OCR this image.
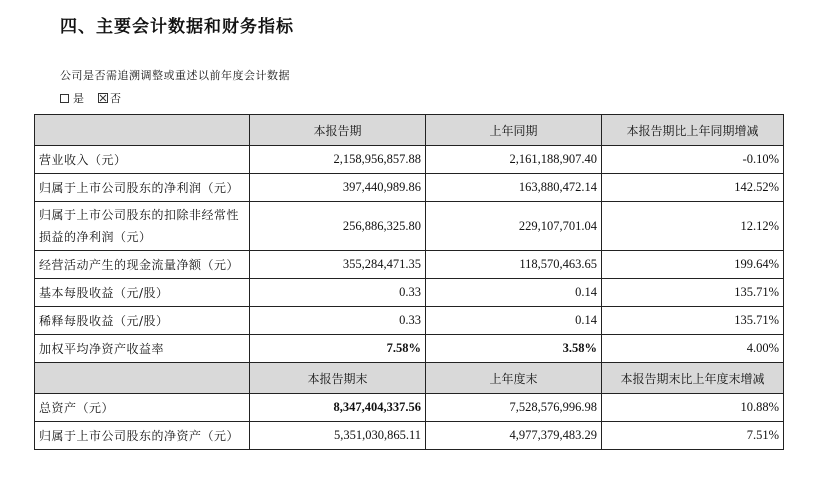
四、主要会计数据和财务指标
公司是否需追溯调整或重述以前年度会计数据
是 否
	本报告期	上年同期	本报告期比上年同期增减
营业收入（元）	2,158,956,857.88	2,161,188,907.40	-0.10%
归属于上市公司股东的净利润（元）	397,440,989.86	163,880,472.14	142.52%
归属于上市公司股东的扣除非经常性损益的净利润（元）	256,886,325.80	229,107,701.04	12.12%
经营活动产生的现金流量净额（元）	355,284,471.35	118,570,463.65	199.64%
基本每股收益（元/股）	0.33	0.14	135.71%
稀释每股收益（元/股）	0.33	0.14	135.71%
加权平均净资产收益率	7.58%	3.58%	4.00%
	本报告期末	上年度末	本报告期末比上年度末增减
总资产（元）	8,347,404,337.56	7,528,576,996.98	10.88%
归属于上市公司股东的净资产（元）	5,351,030,865.11	4,977,379,483.29	7.51%
